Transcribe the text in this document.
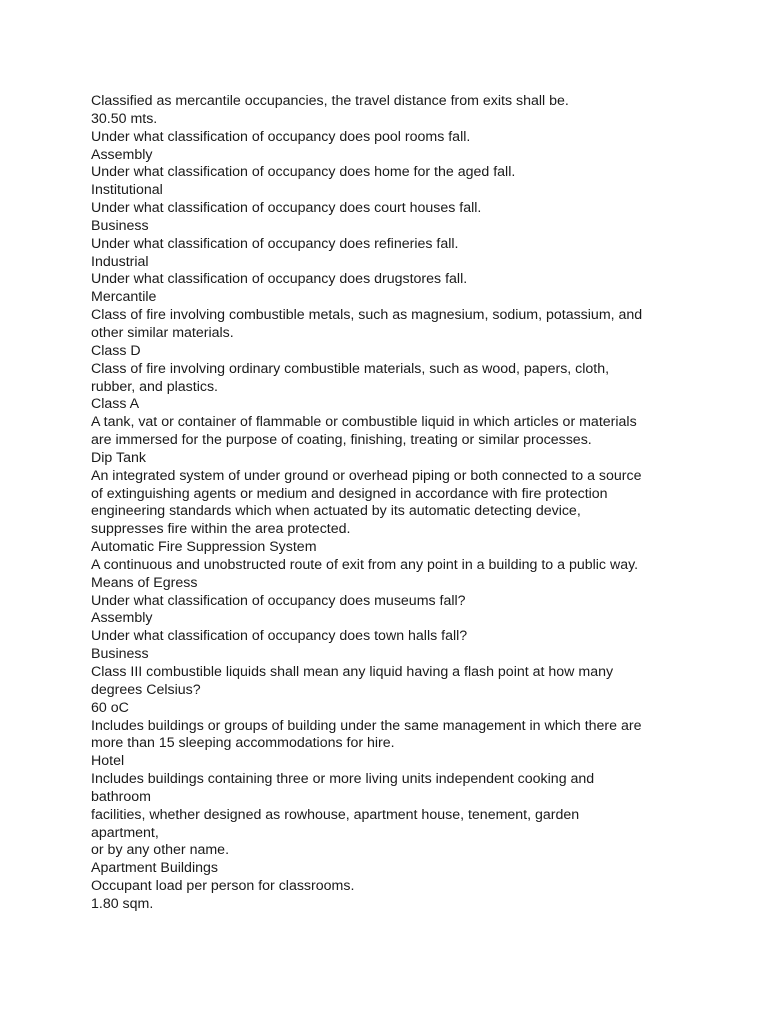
Classified as mercantile occupancies, the travel distance from exits shall be.
30.50 mts.
Under what classification of occupancy does pool rooms fall.
Assembly
Under what classification of occupancy does home for the aged fall.
Institutional
Under what classification of occupancy does court houses fall.
Business
Under what classification of occupancy does refineries fall.
Industrial
Under what classification of occupancy does drugstores fall.
Mercantile
Class of fire involving combustible metals, such as magnesium, sodium, potassium, and
other similar materials.
Class D
Class of fire involving ordinary combustible materials, such as wood, papers, cloth,
rubber, and plastics.
Class A
A tank, vat or container of flammable or combustible liquid in which articles or materials
are immersed for the purpose of coating, finishing, treating or similar processes.
Dip Tank
An integrated system of under ground or overhead piping or both connected to a source
of extinguishing agents or medium and designed in accordance with fire protection
engineering standards which when actuated by its automatic detecting device,
suppresses fire within the area protected.
Automatic Fire Suppression System
A continuous and unobstructed route of exit from any point in a building to a public way.
Means of Egress
Under what classification of occupancy does museums fall?
Assembly
Under what classification of occupancy does town halls fall?
Business
Class III combustible liquids shall mean any liquid having a flash point at how many
degrees Celsius?
60 oC
Includes buildings or groups of building under the same management in which there are
more than 15 sleeping accommodations for hire.
Hotel
Includes buildings containing three or more living units independent cooking and
bathroom
facilities, whether designed as rowhouse, apartment house, tenement, garden
apartment,
or by any other name.
Apartment Buildings
Occupant load per person for classrooms.
1.80 sqm.
